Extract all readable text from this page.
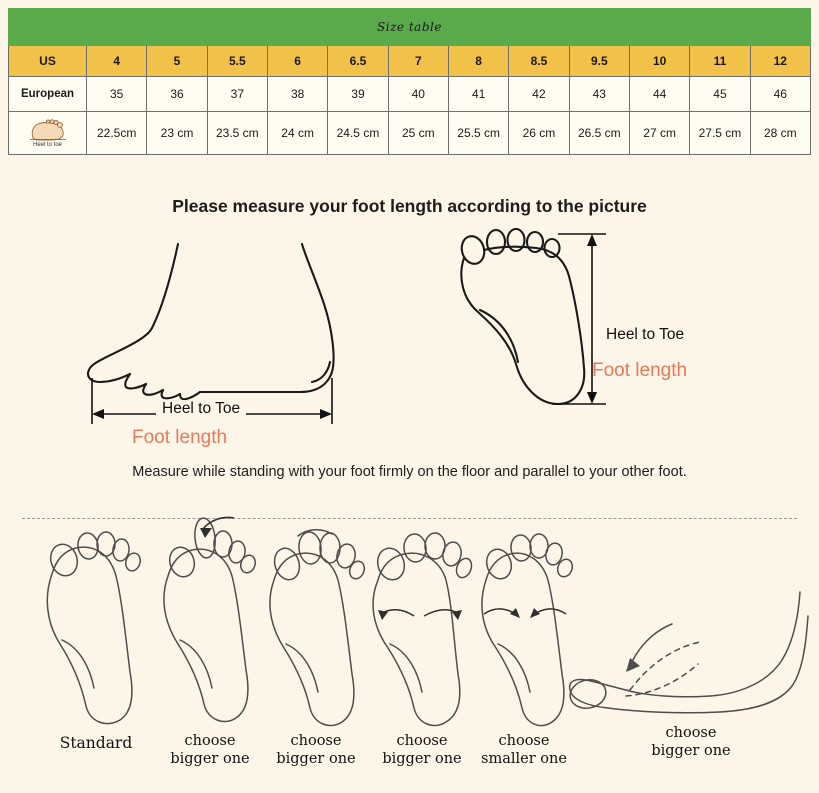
Size table												
US	4	5	5.5	6	6.5	7	8	8.5	9.5	10	11	12
European	35	36	37	38	39	40	41	42	43	44	45	46

Heel to toe	22.5cm	23 cm	23.5 cm	24 cm	24.5 cm	25 cm	25.5 cm	26 cm	26.5 cm	27 cm	27.5 cm	28 cm
Please measure your foot length according to the picture
Heel to Toe
Foot length
Heel to Toe
Foot length
Measure while standing with your foot firmly on the floor and parallel to your other foot.
Standard	choose
bigger one
choose
bigger one
choose
bigger one
choose
smaller one
choose
bigger one
